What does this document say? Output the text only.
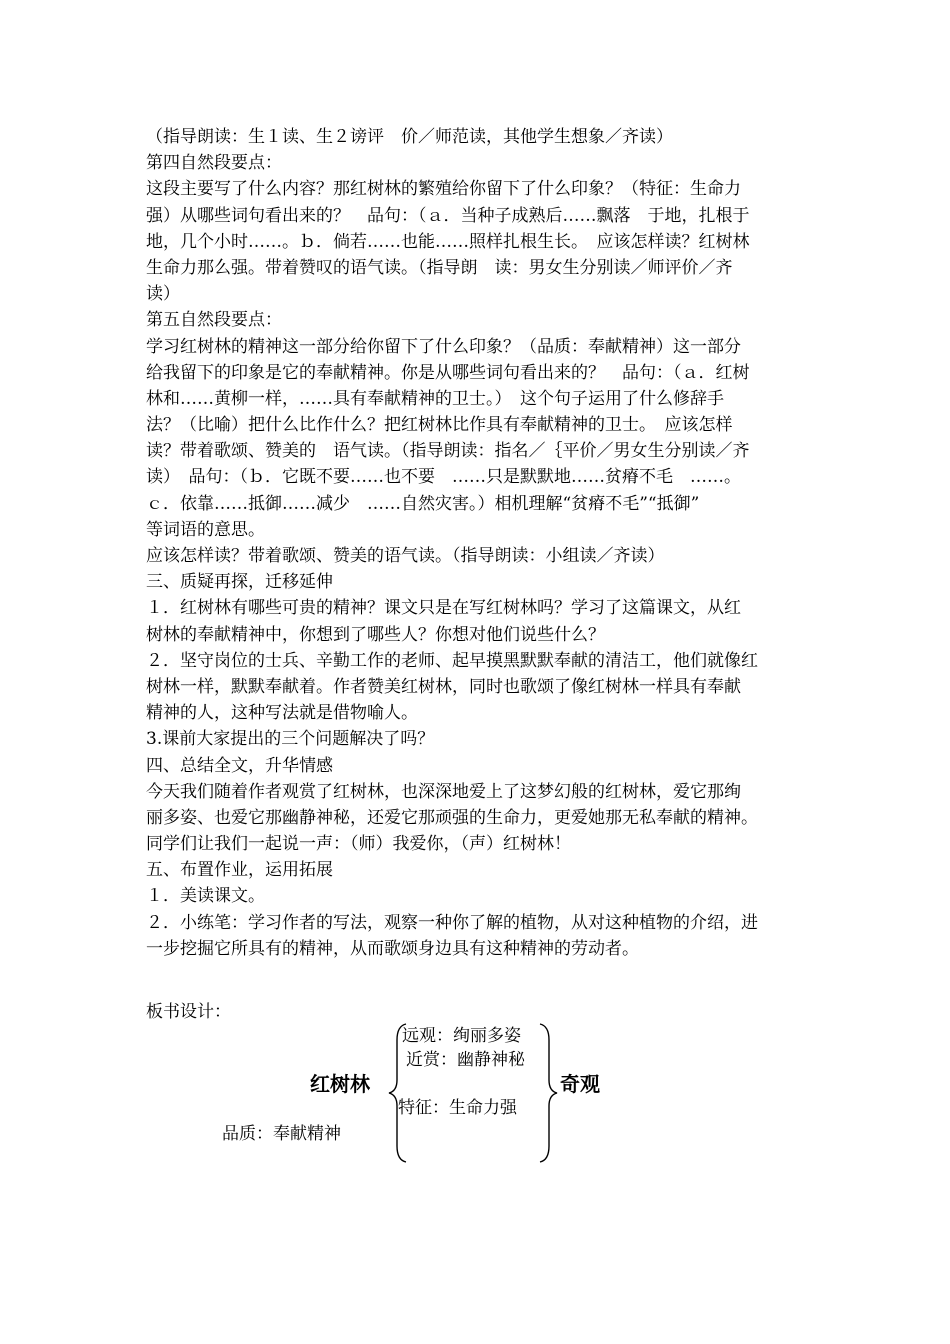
（指导朗读：生１读、生２谤评　价／师范读，其他学生想象／齐读）
第四自然段要点：
这段主要写了什么内容？那红树林的繁殖给你留下了什么印象？（特征：生命力
强）从哪些词句看出来的？　品句：（ａ．当种子成熟后……飘落　于地，扎根于
地，几个小时……。ｂ．倘若……也能……照样扎根生长。　应该怎样读？红树林
生命力那么强。带着赞叹的语气读。（指导朗　读：男女生分别读／师评价／齐
读）
第五自然段要点：
学习红树林的精神这一部分给你留下了什么印象？（品质：奉献精神）这一部分
给我留下的印象是它的奉献精神。你是从哪些词句看出来的？　品句：（ａ．红树
林和……黄柳一样，……具有奉献精神的卫士。）　这个句子运用了什么修辞手
法？（比喻）把什么比作什么？把红树林比作具有奉献精神的卫士。　应该怎样
读？带着歌颂、赞美的　语气读。（指导朗读：指名／｛平价／男女生分别读／齐
读）　品句：（ｂ．它既不要……也不要　……只是默默地……贫瘠不毛　……。
ｃ．依靠……抵御……减少　……自然灾害。）相机理解“贫瘠不毛”“抵御”
等词语的意思。
应该怎样读？带着歌颂、赞美的语气读。（指导朗读：小组读／齐读）
三、质疑再探，迁移延伸
１．红树林有哪些可贵的精神？课文只是在写红树林吗？学习了这篇课文，从红
树林的奉献精神中，你想到了哪些人？你想对他们说些什么？
２．坚守岗位的士兵、辛勤工作的老师、起早摸黑默默奉献的清洁工，他们就像红
树林一样，默默奉献着。作者赞美红树林，同时也歌颂了像红树林一样具有奉献
精神的人，这种写法就是借物喻人。
3.课前大家提出的三个问题解决了吗？
四、总结全文，升华情感
今天我们随着作者观赏了红树林，也深深地爱上了这梦幻般的红树林，爱它那绚
丽多姿、也爱它那幽静神秘，还爱它那顽强的生命力，更爱她那无私奉献的精神。
同学们让我们一起说一声：（师）我爱你，（声）红树林！
五、布置作业，运用拓展
１．美读课文。
２．小练笔：学习作者的写法，观察一种你了解的植物，从对这种植物的介绍，进
一步挖掘它所具有的精神，从而歌颂身边具有这种精神的劳动者。
板书设计：
红树林
远观：绚丽多姿
近赏：幽静神秘
特征：生命力强
品质：奉献精神
奇观
